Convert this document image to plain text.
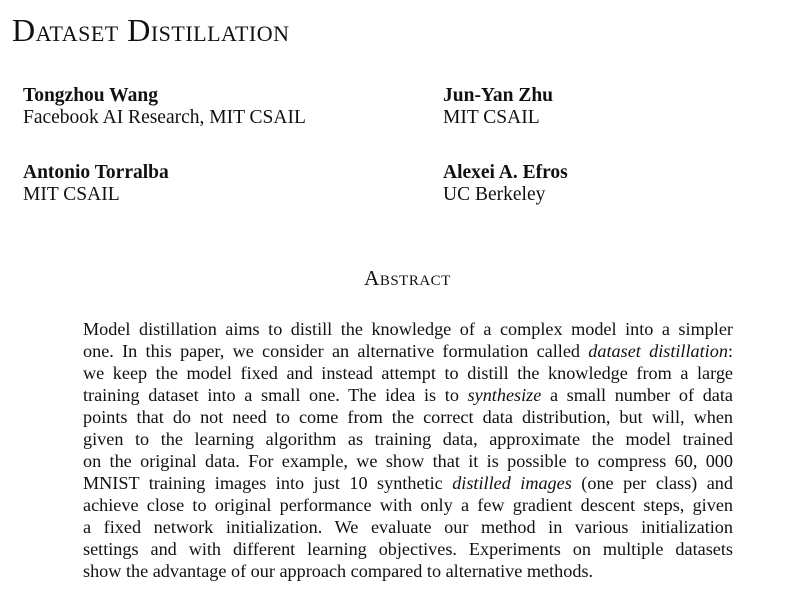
Dataset Distillation
Tongzhou Wang
Facebook AI Research, MIT CSAIL
Jun-Yan Zhu
MIT CSAIL
Antonio Torralba
MIT CSAIL
Alexei A. Efros
UC Berkeley
Abstract
Model distillation aims to distill the knowledge of a complex model into a simpler
one. In this paper, we consider an alternative formulation called dataset distillation:
we keep the model fixed and instead attempt to distill the knowledge from a large
training dataset into a small one. The idea is to synthesize a small number of data
points that do not need to come from the correct data distribution, but will, when
given to the learning algorithm as training data, approximate the model trained
on the original data. For example, we show that it is possible to compress 60, 000
MNIST training images into just 10 synthetic distilled images (one per class) and
achieve close to original performance with only a few gradient descent steps, given
a fixed network initialization. We evaluate our method in various initialization
settings and with different learning objectives. Experiments on multiple datasets
show the advantage of our approach compared to alternative methods.
